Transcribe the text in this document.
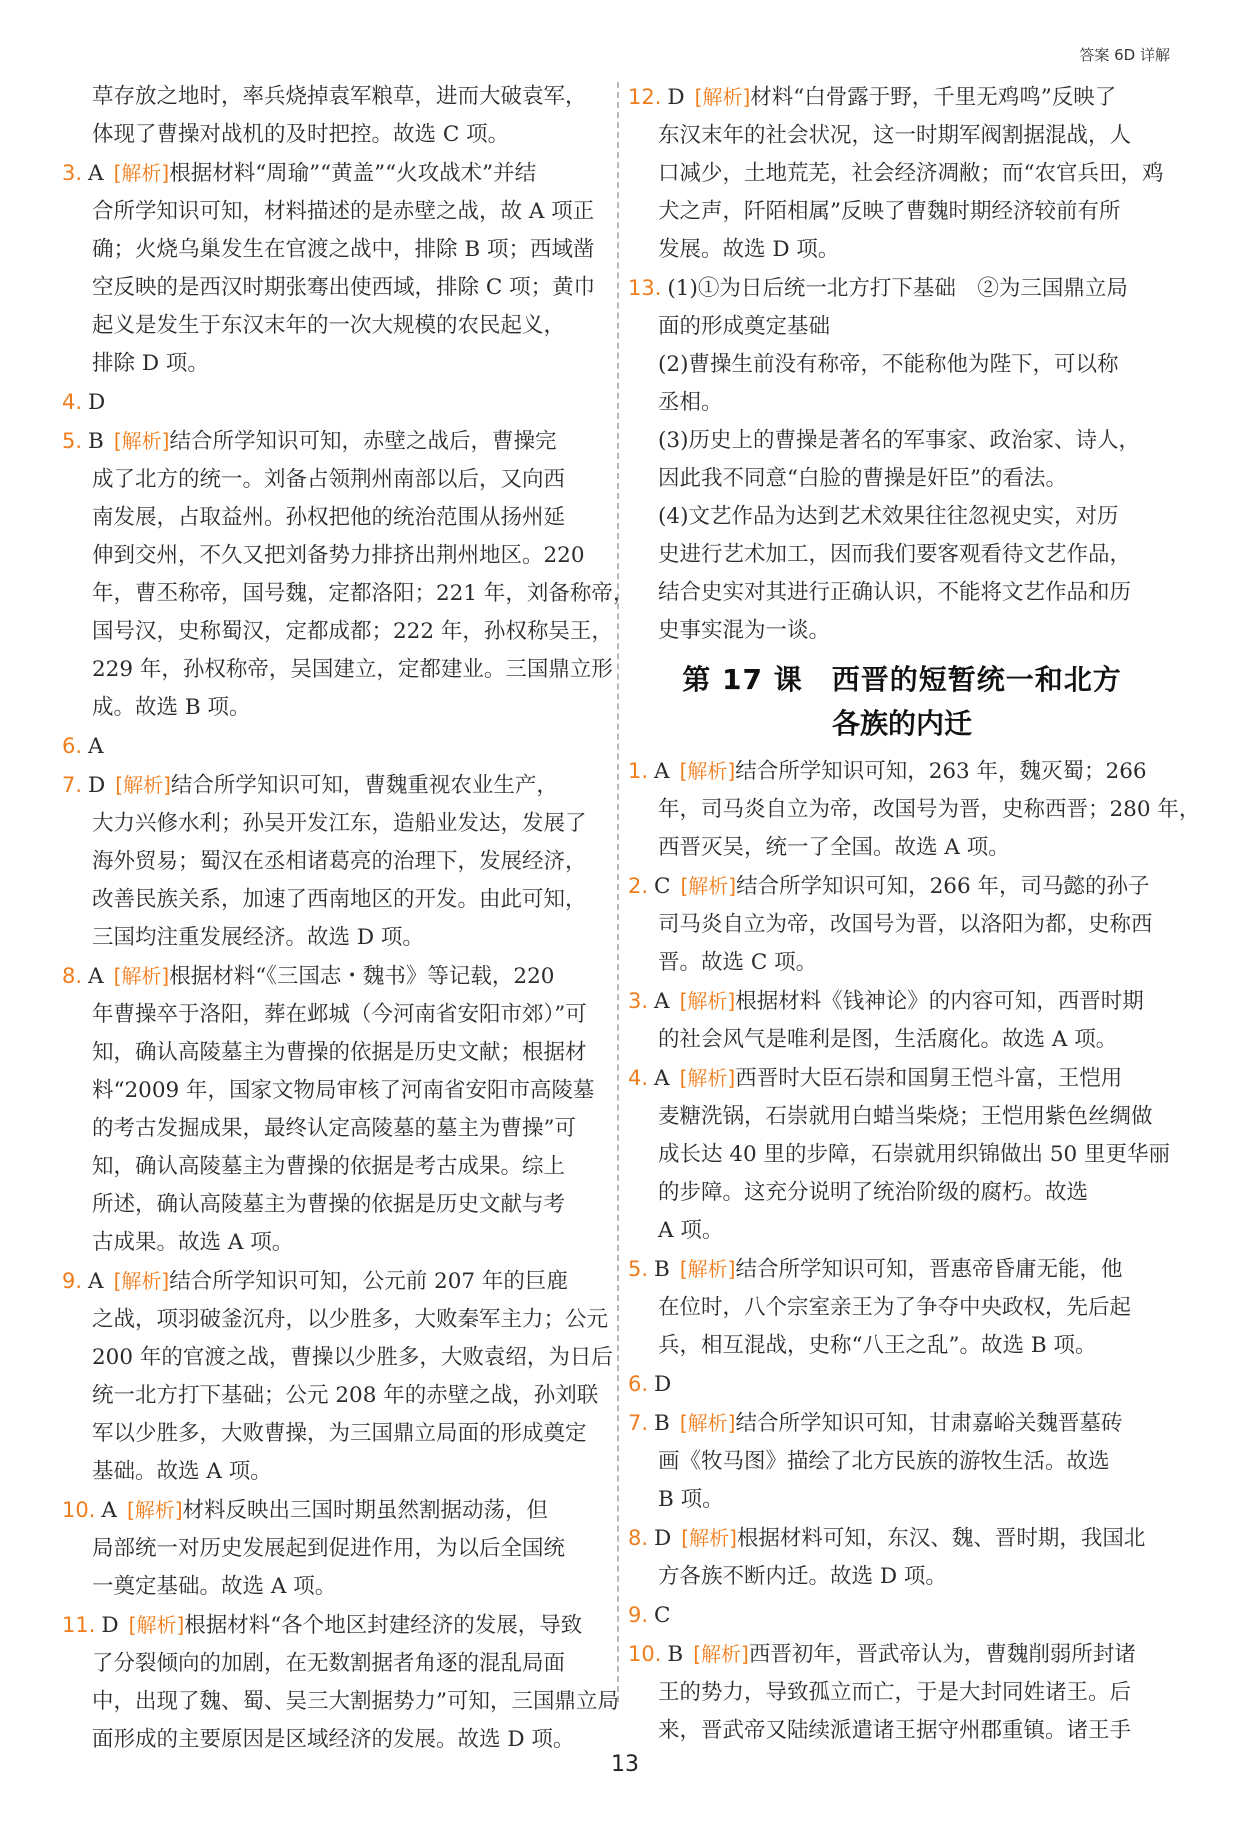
答案 6D 详解
草存放之地时，率兵烧掉袁军粮草，进而大破袁军，
体现了曹操对战机的及时把控。故选 C 项。
3. A [解析]根据材料“周瑜”“黄盖”“火攻战术”并结
合所学知识可知，材料描述的是赤壁之战，故 A 项正
确；火烧乌巢发生在官渡之战中，排除 B 项；西域凿
空反映的是西汉时期张骞出使西域，排除 C 项；黄巾
起义是发生于东汉末年的一次大规模的农民起义，
排除 D 项。
4. D
5. B [解析]结合所学知识可知，赤壁之战后，曹操完
成了北方的统一。刘备占领荆州南部以后，又向西
南发展，占取益州。孙权把他的统治范围从扬州延
伸到交州，不久又把刘备势力排挤出荆州地区。220
年，曹丕称帝，国号魏，定都洛阳；221 年，刘备称帝，
国号汉，史称蜀汉，定都成都；222 年，孙权称吴王，
229 年，孙权称帝，吴国建立，定都建业。三国鼎立形
成。故选 B 项。
6. A
7. D [解析]结合所学知识可知，曹魏重视农业生产，
大力兴修水利；孙吴开发江东，造船业发达，发展了
海外贸易；蜀汉在丞相诸葛亮的治理下，发展经济，
改善民族关系，加速了西南地区的开发。由此可知，
三国均注重发展经济。故选 D 项。
8. A [解析]根据材料“《三国志・魏书》等记载，220
年曹操卒于洛阳，葬在邺城（今河南省安阳市郊）”可
知，确认高陵墓主为曹操的依据是历史文献；根据材
料“2009 年，国家文物局审核了河南省安阳市高陵墓
的考古发掘成果，最终认定高陵墓的墓主为曹操”可
知，确认高陵墓主为曹操的依据是考古成果。综上
所述，确认高陵墓主为曹操的依据是历史文献与考
古成果。故选 A 项。
9. A [解析]结合所学知识可知，公元前 207 年的巨鹿
之战，项羽破釜沉舟，以少胜多，大败秦军主力；公元
200 年的官渡之战，曹操以少胜多，大败袁绍，为日后
统一北方打下基础；公元 208 年的赤壁之战，孙刘联
军以少胜多，大败曹操，为三国鼎立局面的形成奠定
基础。故选 A 项。
10. A [解析]材料反映出三国时期虽然割据动荡，但
局部统一对历史发展起到促进作用，为以后全国统
一奠定基础。故选 A 项。
11. D [解析]根据材料“各个地区封建经济的发展，导致
了分裂倾向的加剧，在无数割据者角逐的混乱局面
中，出现了魏、蜀、吴三大割据势力”可知，三国鼎立局
面形成的主要原因是区域经济的发展。故选 D 项。
12. D [解析]材料“白骨露于野，千里无鸡鸣”反映了
东汉末年的社会状况，这一时期军阀割据混战，人
口减少，土地荒芜，社会经济凋敝；而“农官兵田，鸡
犬之声，阡陌相属”反映了曹魏时期经济较前有所
发展。故选 D 项。
13. (1)①为日后统一北方打下基础　②为三国鼎立局
面的形成奠定基础
(2)曹操生前没有称帝，不能称他为陛下，可以称
丞相。
(3)历史上的曹操是著名的军事家、政治家、诗人，
因此我不同意“白脸的曹操是奸臣”的看法。
(4)文艺作品为达到艺术效果往往忽视史实，对历
史进行艺术加工，因而我们要客观看待文艺作品，
结合史实对其进行正确认识，不能将文艺作品和历
史事实混为一谈。
第 17 课　西晋的短暂统一和北方
各族的内迁
1. A [解析]结合所学知识可知，263 年，魏灭蜀；266
年，司马炎自立为帝，改国号为晋，史称西晋；280 年，
西晋灭吴，统一了全国。故选 A 项。
2. C [解析]结合所学知识可知，266 年，司马懿的孙子
司马炎自立为帝，改国号为晋，以洛阳为都，史称西
晋。故选 C 项。
3. A [解析]根据材料《钱神论》的内容可知，西晋时期
的社会风气是唯利是图，生活腐化。故选 A 项。
4. A [解析]西晋时大臣石崇和国舅王恺斗富，王恺用
麦糖洗锅，石崇就用白蜡当柴烧；王恺用紫色丝绸做
成长达 40 里的步障，石崇就用织锦做出 50 里更华丽
的步障。这充分说明了统治阶级的腐朽。故选
A 项。
5. B [解析]结合所学知识可知，晋惠帝昏庸无能，他
在位时，八个宗室亲王为了争夺中央政权，先后起
兵，相互混战，史称“八王之乱”。故选 B 项。
6. D
7. B [解析]结合所学知识可知，甘肃嘉峪关魏晋墓砖
画《牧马图》描绘了北方民族的游牧生活。故选
B 项。
8. D [解析]根据材料可知，东汉、魏、晋时期，我国北
方各族不断内迁。故选 D 项。
9. C
10. B [解析]西晋初年，晋武帝认为，曹魏削弱所封诸
王的势力，导致孤立而亡，于是大封同姓诸王。后
来，晋武帝又陆续派遣诸王据守州郡重镇。诸王手
13
